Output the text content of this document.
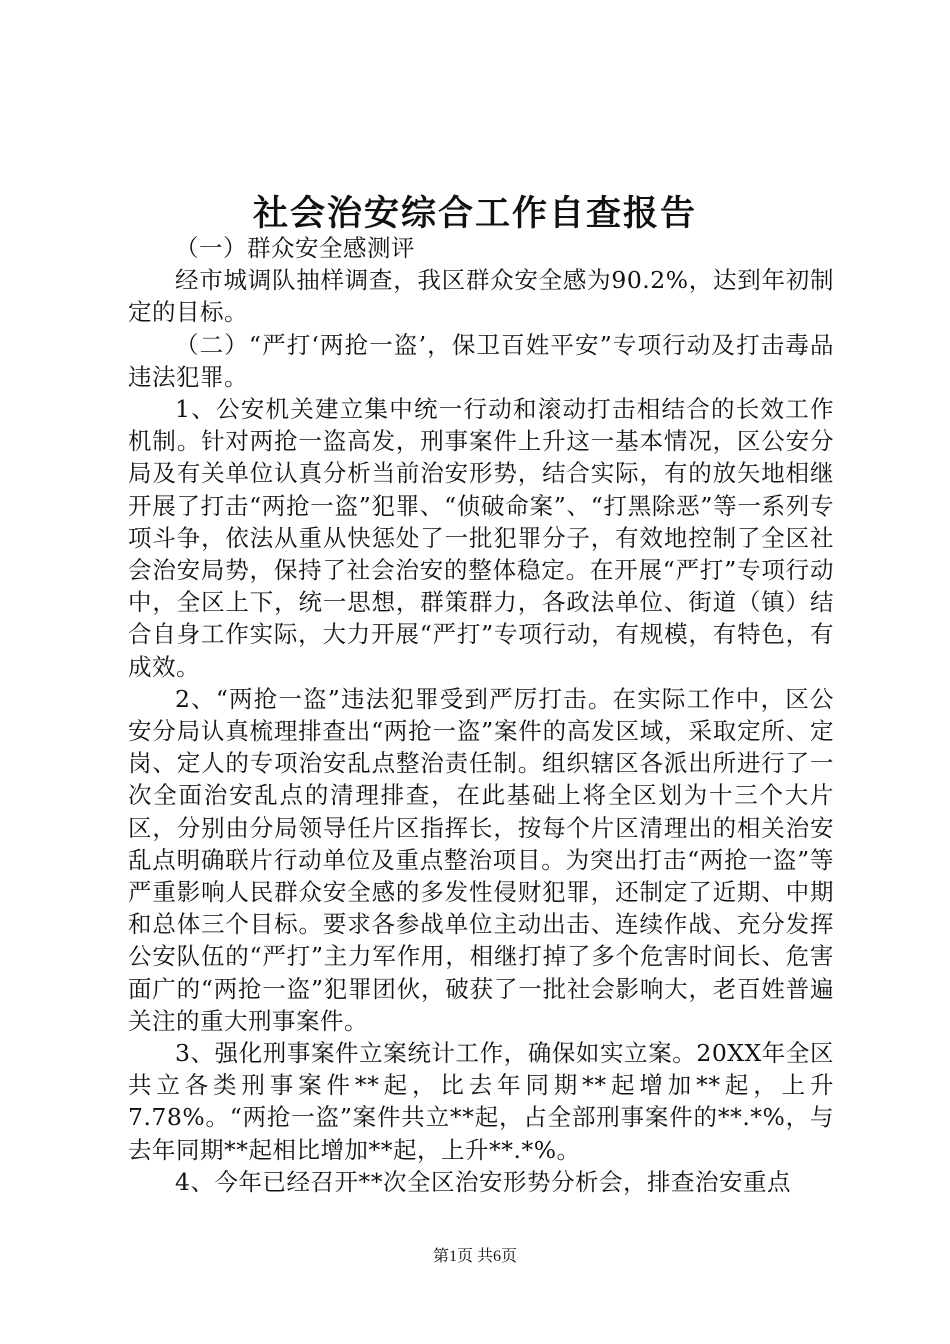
社会治安综合工作自查报告

（一）群众安全感测评

经市城调队抽样调查，我区群众安全感为90.2%，达到年初制定的目标。

（二）“严打‘两抢一盗’，保卫百姓平安”专项行动及打击毒品违法犯罪。

1、公安机关建立集中统一行动和滚动打击相结合的长效工作机制。针对两抢一盗高发，刑事案件上升这一基本情况，区公安分局及有关单位认真分析当前治安形势，结合实际，有的放矢地相继开展了打击“两抢一盗”犯罪、“侦破命案”、“打黑除恶”等一系列专项斗争，依法从重从快惩处了一批犯罪分子，有效地控制了全区社会治安局势，保持了社会治安的整体稳定。在开展“严打”专项行动中，全区上下，统一思想，群策群力，各政法单位、街道（镇）结合自身工作实际，大力开展“严打”专项行动，有规模，有特色，有成效。

2、“两抢一盗”违法犯罪受到严厉打击。在实际工作中，区公安分局认真梳理排查出“两抢一盗”案件的高发区域，采取定所、定岗、定人的专项治安乱点整治责任制。组织辖区各派出所进行了一次全面治安乱点的清理排查，在此基础上将全区划为十三个大片区，分别由分局领导任片区指挥长，按每个片区清理出的相关治安乱点明确联片行动单位及重点整治项目。为突出打击“两抢一盗”等严重影响人民群众安全感的多发性侵财犯罪，还制定了近期、中期和总体三个目标。要求各参战单位主动出击、连续作战、充分发挥公安队伍的“严打”主力军作用，相继打掉了多个危害时间长、危害面广的“两抢一盗”犯罪团伙，破获了一批社会影响大，老百姓普遍关注的重大刑事案件。

3、强化刑事案件立案统计工作，确保如实立案。20XX年全区共立各类刑事案件**起，比去年同期**起增加**起，上升7.78%。“两抢一盗”案件共立**起，占全部刑事案件的**.*%，与去年同期**起相比增加**起，上升**.*%。

4、今年已经召开**次全区治安形势分析会，排查治安重点

第1页 共6页
